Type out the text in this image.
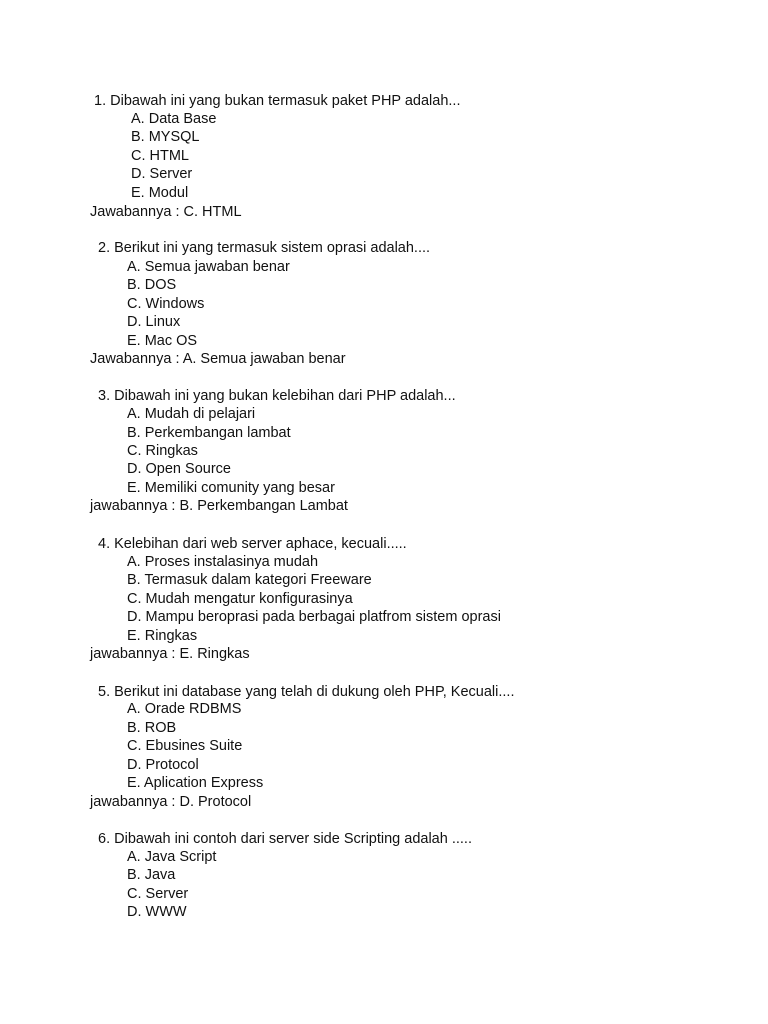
1. Dibawah ini yang bukan termasuk paket PHP adalah...
A. Data Base
B. MYSQL
C. HTML
D. Server
E. Modul
Jawabannya : C. HTML
2. Berikut ini yang termasuk sistem oprasi adalah....
A. Semua jawaban benar
B. DOS
C. Windows
D. Linux
E. Mac OS
Jawabannya : A. Semua jawaban benar
3. Dibawah ini yang bukan kelebihan dari PHP adalah...
A. Mudah di pelajari
B. Perkembangan lambat
C. Ringkas
D. Open Source
E. Memiliki comunity yang besar
jawabannya : B. Perkembangan Lambat
4. Kelebihan dari web server aphace, kecuali.....
A. Proses instalasinya mudah
B. Termasuk dalam kategori Freeware
C. Mudah mengatur konfigurasinya
D. Mampu beroprasi pada berbagai platfrom sistem oprasi
E. Ringkas
jawabannya : E. Ringkas
5. Berikut ini database yang telah di dukung oleh PHP, Kecuali....
A. Orade RDBMS
B. ROB
C. Ebusines Suite
D. Protocol
E. Aplication Express
jawabannya : D. Protocol
6. Dibawah ini contoh dari server side Scripting adalah .....
A. Java Script
B. Java
C. Server
D. WWW
